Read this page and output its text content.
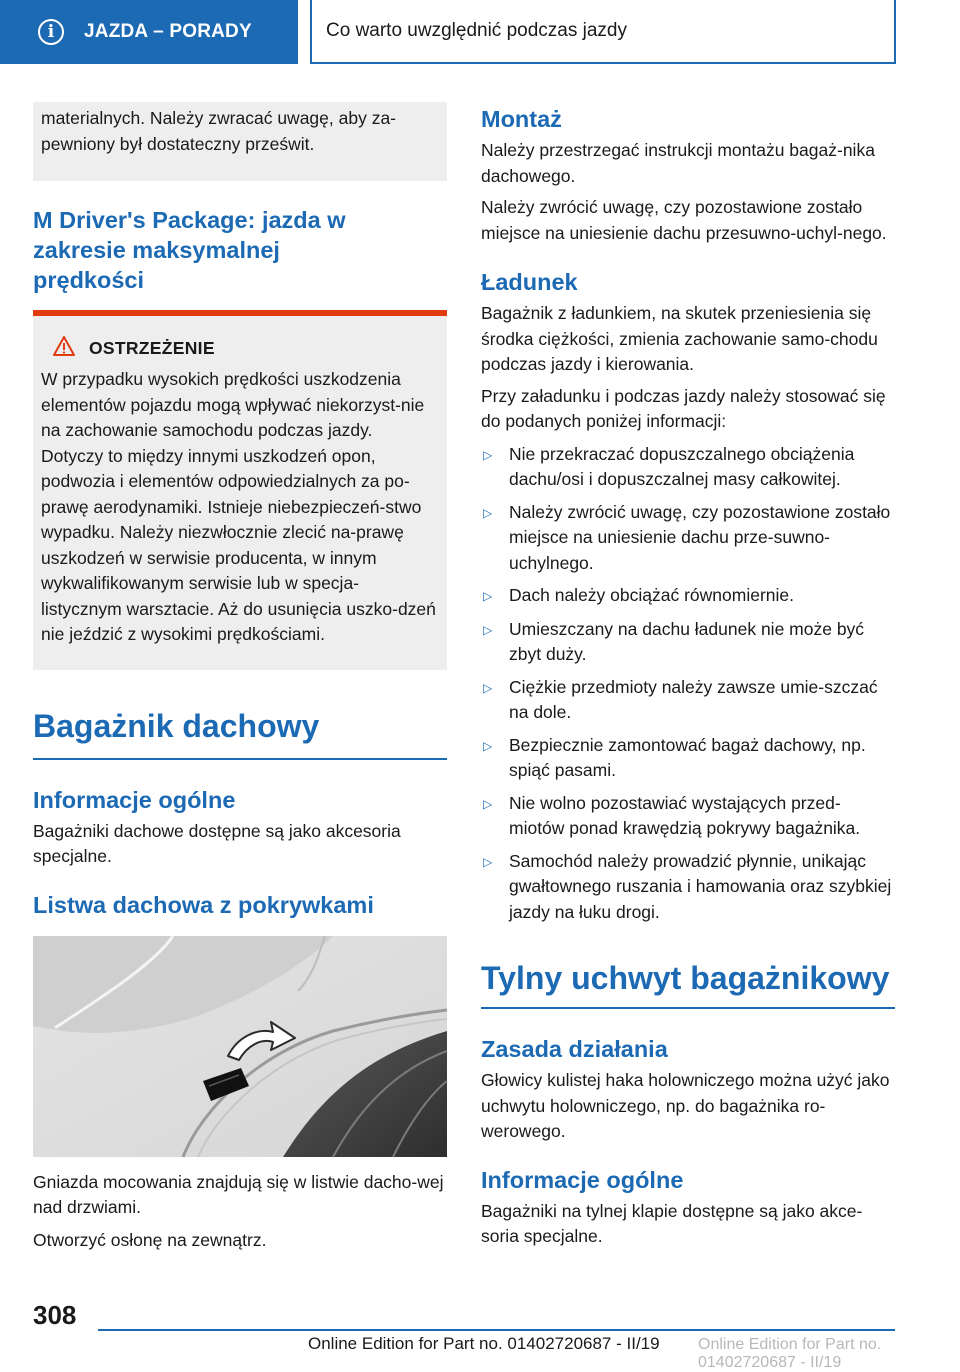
i	JAZDA – PORADY	Co warto uwzględnić podczas jazdy

materialnych. Należy zwracać uwagę, aby za-pewniony był dostateczny prześwit.

M Driver's Package: jazda w zakresie maksymalnej prędkości
OSTRZEŻENIE

W przypadku wysokich prędkości uszkodzenia elementów pojazdu mogą wpływać niekorzyst-nie na zachowanie samochodu podczas jazdy. Dotyczy to między innymi uszkodzeń opon, podwozia i elementów odpowiedzialnych za po-prawę aerodynamiki. Istnieje niebezpieczeń-stwo wypadku. Należy niezwłocznie zlecić na-prawę uszkodzeń w serwisie producenta, w innym wykwalifikowanym serwisie lub w specja-listycznym warsztacie. Aż do usunięcia uszko-dzeń nie jeździć z wysokimi prędkościami.

Bagażnik dachowy
Informacje ogólne

Bagażniki dachowe dostępne są jako akcesoria specjalne.

Listwa dachowa z pokrywkami

Gniazda mocowania znajdują się w listwie dacho-wej nad drzwiami.

Otworzyć osłonę na zewnątrz.

Montaż

Należy przestrzegać instrukcji montażu bagaż-nika dachowego.

Należy zwrócić uwagę, czy pozostawione zostało miejsce na uniesienie dachu przesuwno-uchyl-nego.

Ładunek

Bagażnik z ładunkiem, na skutek przeniesienia się środka ciężkości, zmienia zachowanie samo-chodu podczas jazdy i kierowania.

Przy załadunku i podczas jazdy należy stosować się do podanych poniżej informacji:

▷ Nie przekraczać dopuszczalnego obciążenia dachu/osi i dopuszczalnej masy całkowitej.
▷ Należy zwrócić uwagę, czy pozostawione zostało miejsce na uniesienie dachu prze-suwno-uchylnego.
▷ Dach należy obciążać równomiernie.
▷ Umieszczany na dachu ładunek nie może być zbyt duży.
▷ Ciężkie przedmioty należy zawsze umie-szczać na dole.
▷ Bezpiecznie zamontować bagaż dachowy, np. spiąć pasami.
▷ Nie wolno pozostawiać wystających przed-miotów ponad krawędzią pokrywy bagażnika.
▷ Samochód należy prowadzić płynnie, unikając gwałtownego ruszania i hamowania oraz szybkiej jazdy na łuku drogi.
Tylny uchwyt bagażnikowy
Zasada działania

Głowicy kulistej haka holowniczego można użyć jako uchwytu holowniczego, np. do bagażnika ro-werowego.

Informacje ogólne

Bagażniki na tylnej klapie dostępne są jako akce-soria specjalne.

308
Online Edition for Part no. 01402720687 - II/19 Online Edition for Part no. 01402720687 - II/19
